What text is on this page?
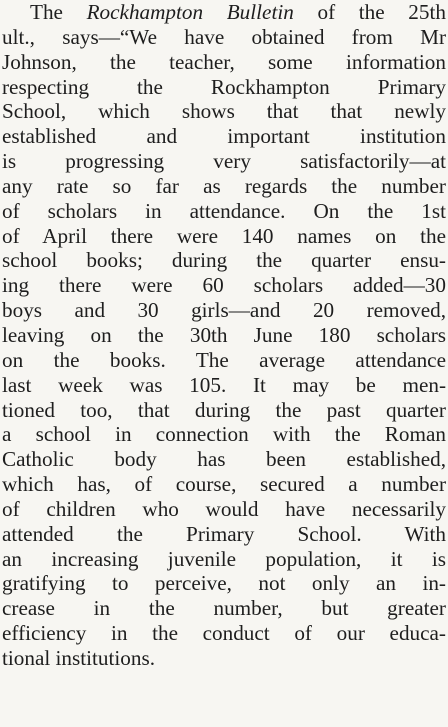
The Rockhampton Bulletin of the 25th
ult., says—“We have obtained from Mr
Johnson, the teacher, some information
respecting the Rockhampton Primary
School, which shows that that newly
established and important institution
is progressing very satisfactorily—at
any rate so far as regards the number
of scholars in attendance. On the 1st
of April there were 140 names on the
school books; during the quarter ensu-
ing there were 60 scholars added—30
boys and 30 girls—and 20 removed,
leaving on the 30th June 180 scholars
on the books. The average attendance
last week was 105. It may be men-
tioned too, that during the past quarter
a school in connection with the Roman
Catholic body has been established,
which has, of course, secured a number
of children who would have necessarily
attended the Primary School. With
an increasing juvenile population, it is
gratifying to perceive, not only an in-
crease in the number, but greater
efficiency in the conduct of our educa-
tional institutions.
